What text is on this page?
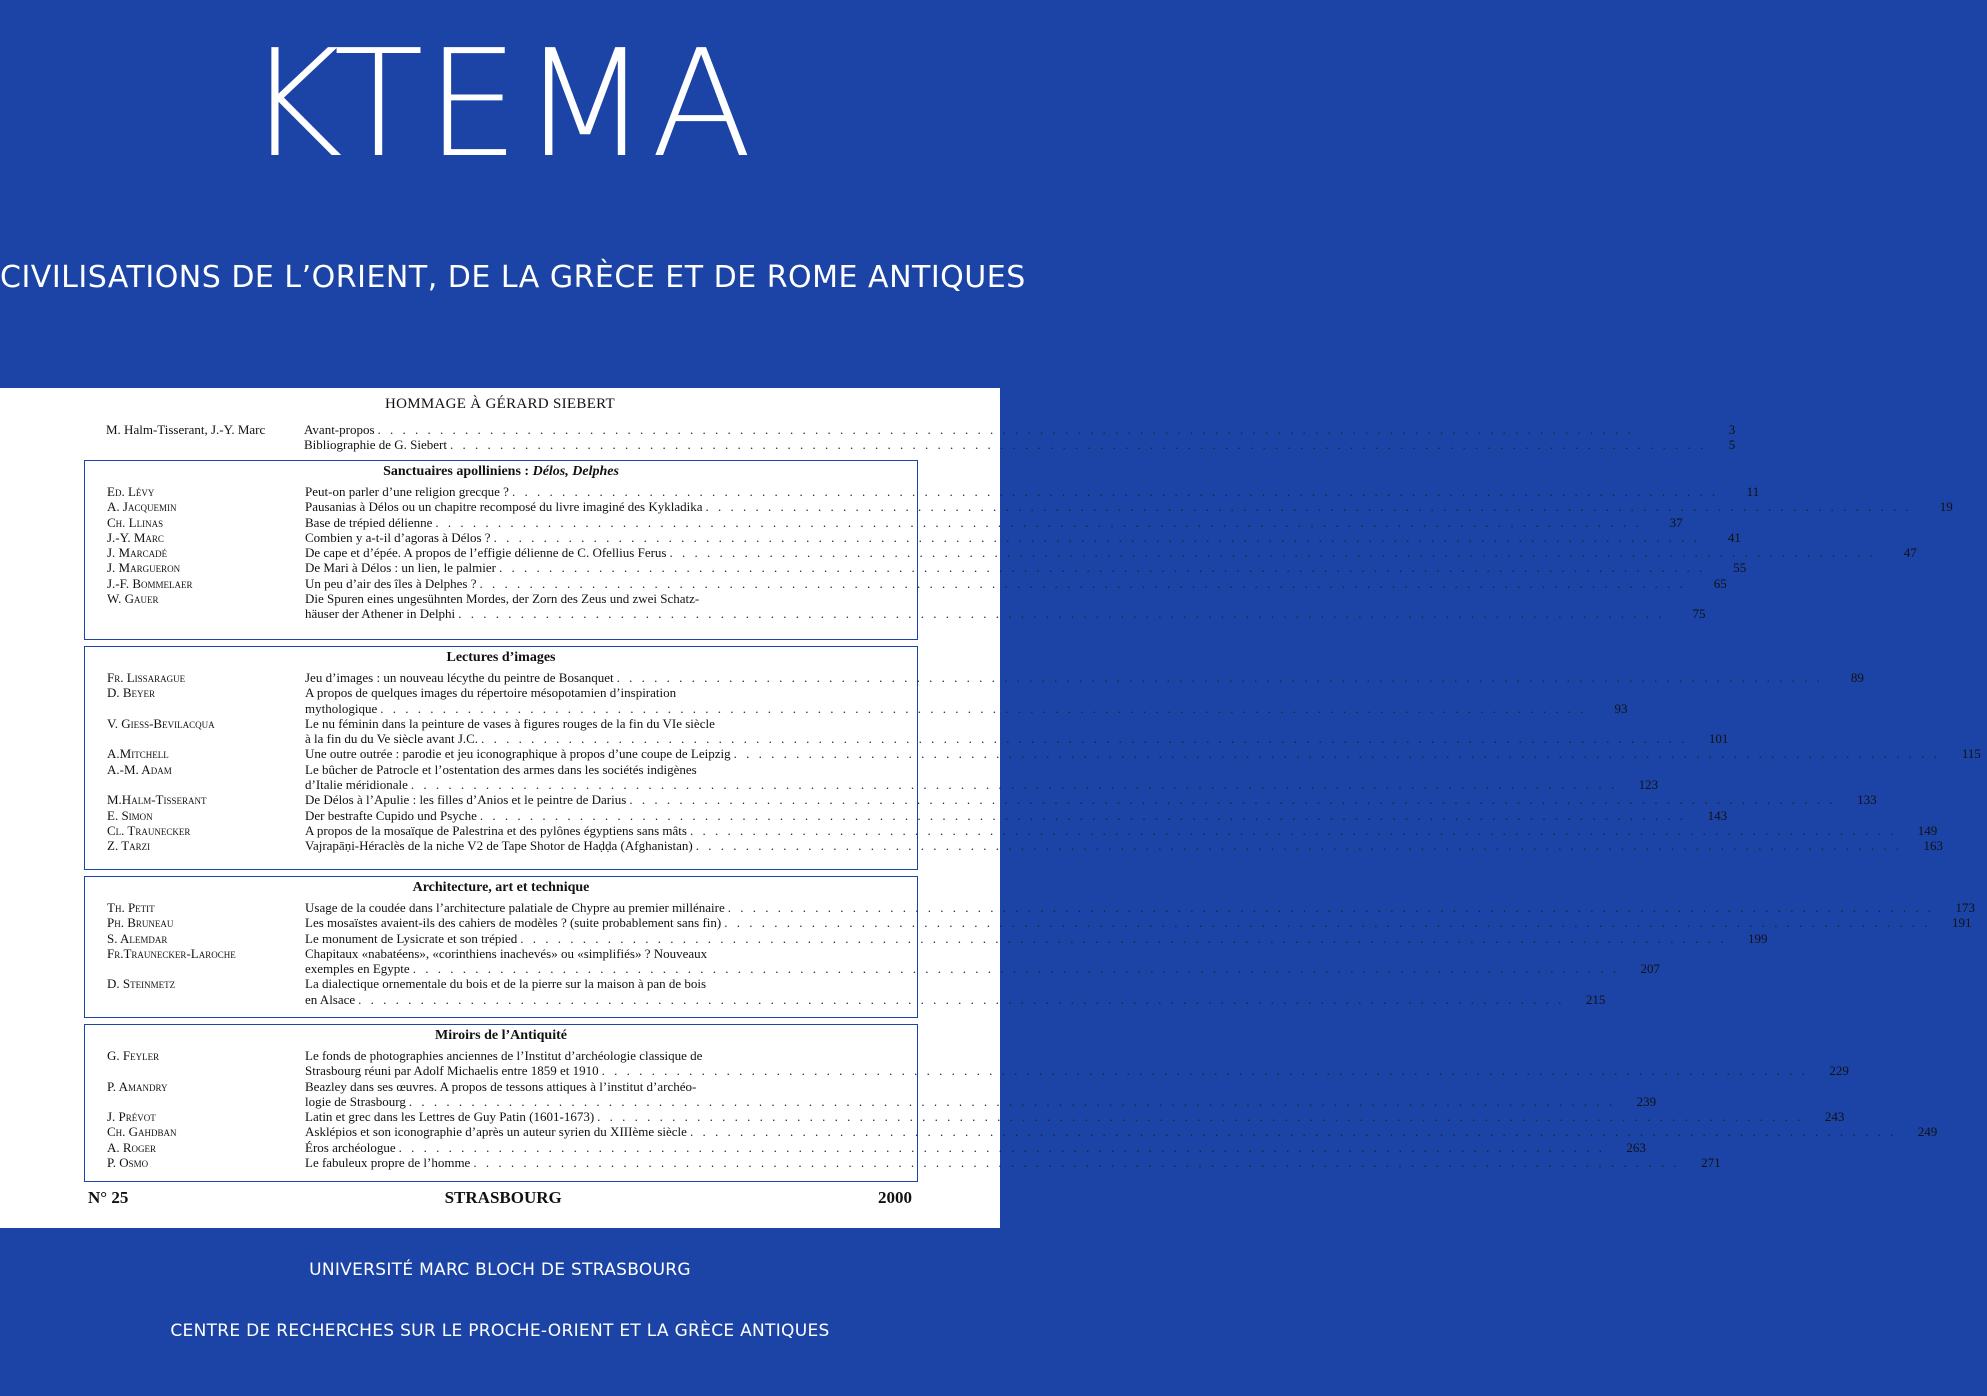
KTEMA
CIVILISATIONS DE L’ORIENT, DE LA GRÈCE ET DE ROME ANTIQUES
HOMMAGE À GÉRARD SIEBERT
M. Halm-Tisserant, J.-Y. Marc	Avant-propos . . . . . . . . . . . . . . . . . . . . . . . . . . . . . . . . . . . . . . . . . . . . . . . . . . . . . . . . . . . . . . . . . . . . . . . . . . . . . . . . . . . . . . . . . . . . . . . . . . . . .	3
Bibliographie de G. Siebert . . . . . . . . . . . . . . . . . . . . . . . . . . . . . . . . . . . . . . . . . . . . . . . . . . . . . . . . . . . . . . . . . . . . . . . . . . . . . . . . . . . . . . . . . . . . . . . . . . . . .	5
Sanctuaires apolliniens : Délos, Delphes
Ed. Lévy	Peut-on parler d’une religion grecque ? . . . . . . . . . . . . . . . . . . . . . . . . . . . . . . . . . . . . . . . . . . . . . . . . . . . . . . . . . . . . . . . . . . . . . . . . . . . . . . . . . . . . . . . . . . . . . . . . .	11
A. Jacquemin	Pausanias à Délos ou un chapitre recomposé du livre imaginé des Kykladika . . . . . . . . . . . . . . . . . . . . . . . . . . . . . . . . . . . . . . . . . . . . . . . . . . . . . . . . . . . . . . . . . . . . . . . . . . . . . . . . . . . . . . . . . . . . . . . . .	19
Ch. Llinas	Base de trépied délienne . . . . . . . . . . . . . . . . . . . . . . . . . . . . . . . . . . . . . . . . . . . . . . . . . . . . . . . . . . . . . . . . . . . . . . . . . . . . . . . . . . . . . . . . . . . . . . . . .	37
J.-Y. Marc	Combien y a-t-il d’agoras à Délos ? . . . . . . . . . . . . . . . . . . . . . . . . . . . . . . . . . . . . . . . . . . . . . . . . . . . . . . . . . . . . . . . . . . . . . . . . . . . . . . . . . . . . . . . . . . . . . . . . .	41
J. Marcadé	De cape et d’épée. A propos de l’effigie délienne de C. Ofellius Ferus . . . . . . . . . . . . . . . . . . . . . . . . . . . . . . . . . . . . . . . . . . . . . . . . . . . . . . . . . . . . . . . . . . . . . . . . . . . . . . . . . . . . . . . . . . . . . . . . .	47
J. Margueron	De Mari à Délos : un lien, le palmier . . . . . . . . . . . . . . . . . . . . . . . . . . . . . . . . . . . . . . . . . . . . . . . . . . . . . . . . . . . . . . . . . . . . . . . . . . . . . . . . . . . . . . . . . . . . . . . . .	55
J.-F. Bommelaer	Un peu d’air des îles à Delphes ? . . . . . . . . . . . . . . . . . . . . . . . . . . . . . . . . . . . . . . . . . . . . . . . . . . . . . . . . . . . . . . . . . . . . . . . . . . . . . . . . . . . . . . . . . . . . . . . . .	65
W. Gauer	Die Spuren eines ungesühnten Mordes, der Zorn des Zeus und zwei Schatz-
häuser der Athener in Delphi . . . . . . . . . . . . . . . . . . . . . . . . . . . . . . . . . . . . . . . . . . . . . . . . . . . . . . . . . . . . . . . . . . . . . . . . . . . . . . . . . . . . . . . . . . . . . . . . .	75
Lectures d’images
Fr. Lissarague	Jeu d’images : un nouveau lécythe du peintre de Bosanquet . . . . . . . . . . . . . . . . . . . . . . . . . . . . . . . . . . . . . . . . . . . . . . . . . . . . . . . . . . . . . . . . . . . . . . . . . . . . . . . . . . . . . . . . . . . . . . . . .	89
D. Beyer	A propos de quelques images du répertoire mésopotamien d’inspiration
mythologique . . . . . . . . . . . . . . . . . . . . . . . . . . . . . . . . . . . . . . . . . . . . . . . . . . . . . . . . . . . . . . . . . . . . . . . . . . . . . . . . . . . . . . . . . . . . . . . . .	93
V. Giess-Bevilacqua	Le nu féminin dans la peinture de vases à figures rouges de la fin du VIe siècle
à la fin du du Ve siècle avant J.C. . . . . . . . . . . . . . . . . . . . . . . . . . . . . . . . . . . . . . . . . . . . . . . . . . . . . . . . . . . . . . . . . . . . . . . . . . . . . . . . . . . . . . . . . . . . . . . . . .	101
A.Mitchell	Une outre outrée : parodie et jeu iconographique à propos d’une coupe de Leipzig . . . . . . . . . . . . . . . . . . . . . . . . . . . . . . . . . . . . . . . . . . . . . . . . . . . . . . . . . . . . . . . . . . . . . . . . . . . . . . . . . . . . . . . . . . . . . . . . .	115
A.-M. Adam	Le bûcher de Patrocle et l’ostentation des armes dans les sociétés indigènes
d’Italie méridionale . . . . . . . . . . . . . . . . . . . . . . . . . . . . . . . . . . . . . . . . . . . . . . . . . . . . . . . . . . . . . . . . . . . . . . . . . . . . . . . . . . . . . . . . . . . . . . . . .	123
M.Halm-Tisserant	De Délos à l’Apulie : les filles d’Anios et le peintre de Darius . . . . . . . . . . . . . . . . . . . . . . . . . . . . . . . . . . . . . . . . . . . . . . . . . . . . . . . . . . . . . . . . . . . . . . . . . . . . . . . . . . . . . . . . . . . . . . . . .	133
E. Simon	Der bestrafte Cupido und Psyche . . . . . . . . . . . . . . . . . . . . . . . . . . . . . . . . . . . . . . . . . . . . . . . . . . . . . . . . . . . . . . . . . . . . . . . . . . . . . . . . . . . . . . . . . . . . . . . . .	143
Cl. Traunecker	A propos de la mosaïque de Palestrina et des pylônes égyptiens sans mâts . . . . . . . . . . . . . . . . . . . . . . . . . . . . . . . . . . . . . . . . . . . . . . . . . . . . . . . . . . . . . . . . . . . . . . . . . . . . . . . . . . . . . . . . . . . . . . . . .	149
Z. Tarzi	Vajrapāṇi-Héraclès de la niche V2 de Tape Shotor de Haḍḍa (Afghanistan) . . . . . . . . . . . . . . . . . . . . . . . . . . . . . . . . . . . . . . . . . . . . . . . . . . . . . . . . . . . . . . . . . . . . . . . . . . . . . . . . . . . . . . . . . . . . . . . . .	163
Architecture, art et technique
Th. Petit	Usage de la coudée dans l’architecture palatiale de Chypre au premier millénaire . . . . . . . . . . . . . . . . . . . . . . . . . . . . . . . . . . . . . . . . . . . . . . . . . . . . . . . . . . . . . . . . . . . . . . . . . . . . . . . . . . . . . . . . . . . . . . . . .	173
Ph. Bruneau	Les mosaïstes avaient-ils des cahiers de modèles ? (suite probablement sans fin) . . . . . . . . . . . . . . . . . . . . . . . . . . . . . . . . . . . . . . . . . . . . . . . . . . . . . . . . . . . . . . . . . . . . . . . . . . . . . . . . . . . . . . . . . . . . . . . . .	191
S. Alemdar	Le monument de Lysicrate et son trépied . . . . . . . . . . . . . . . . . . . . . . . . . . . . . . . . . . . . . . . . . . . . . . . . . . . . . . . . . . . . . . . . . . . . . . . . . . . . . . . . . . . . . . . . . . . . . . . . .	199
Fr.Traunecker-Laroche	Chapitaux «nabatéens», «corinthiens inachevés» ou «simplifiés» ? Nouveaux
exemples en Egypte . . . . . . . . . . . . . . . . . . . . . . . . . . . . . . . . . . . . . . . . . . . . . . . . . . . . . . . . . . . . . . . . . . . . . . . . . . . . . . . . . . . . . . . . . . . . . . . . .	207
D. Steinmetz	La dialectique ornementale du bois et de la pierre sur la maison à pan de bois
en Alsace . . . . . . . . . . . . . . . . . . . . . . . . . . . . . . . . . . . . . . . . . . . . . . . . . . . . . . . . . . . . . . . . . . . . . . . . . . . . . . . . . . . . . . . . . . . . . . . . .	215
Miroirs de l’Antiquité
G. Feyler	Le fonds de photographies anciennes de l’Institut d’archéologie classique de
Strasbourg réuni par Adolf Michaelis entre 1859 et 1910 . . . . . . . . . . . . . . . . . . . . . . . . . . . . . . . . . . . . . . . . . . . . . . . . . . . . . . . . . . . . . . . . . . . . . . . . . . . . . . . . . . . . . . . . . . . . . . . . .	229
P. Amandry	Beazley dans ses œuvres. A propos de tessons attiques à l’institut d’archéo-
logie de Strasbourg . . . . . . . . . . . . . . . . . . . . . . . . . . . . . . . . . . . . . . . . . . . . . . . . . . . . . . . . . . . . . . . . . . . . . . . . . . . . . . . . . . . . . . . . . . . . . . . . .	239
J. Prévot	Latin et grec dans les Lettres de Guy Patin (1601-1673) . . . . . . . . . . . . . . . . . . . . . . . . . . . . . . . . . . . . . . . . . . . . . . . . . . . . . . . . . . . . . . . . . . . . . . . . . . . . . . . . . . . . . . . . . . . . . . . . .	243
Ch. Gahdban	Asklépios et son iconographie d’après un auteur syrien du XIIIème siècle . . . . . . . . . . . . . . . . . . . . . . . . . . . . . . . . . . . . . . . . . . . . . . . . . . . . . . . . . . . . . . . . . . . . . . . . . . . . . . . . . . . . . . . . . . . . . . . . .	249
A. Roger	Éros archéologue . . . . . . . . . . . . . . . . . . . . . . . . . . . . . . . . . . . . . . . . . . . . . . . . . . . . . . . . . . . . . . . . . . . . . . . . . . . . . . . . . . . . . . . . . . . . . . . . .	263
P. Osmo	Le fabuleux propre de l’homme . . . . . . . . . . . . . . . . . . . . . . . . . . . . . . . . . . . . . . . . . . . . . . . . . . . . . . . . . . . . . . . . . . . . . . . . . . . . . . . . . . . . . . . . . . . . . . . . .	271
N° 25	STRASBOURG	2000
UNIVERSITÉ MARC BLOCH DE STRASBOURG
CENTRE DE RECHERCHES SUR LE PROCHE-ORIENT ET LA GRÈCE ANTIQUES
